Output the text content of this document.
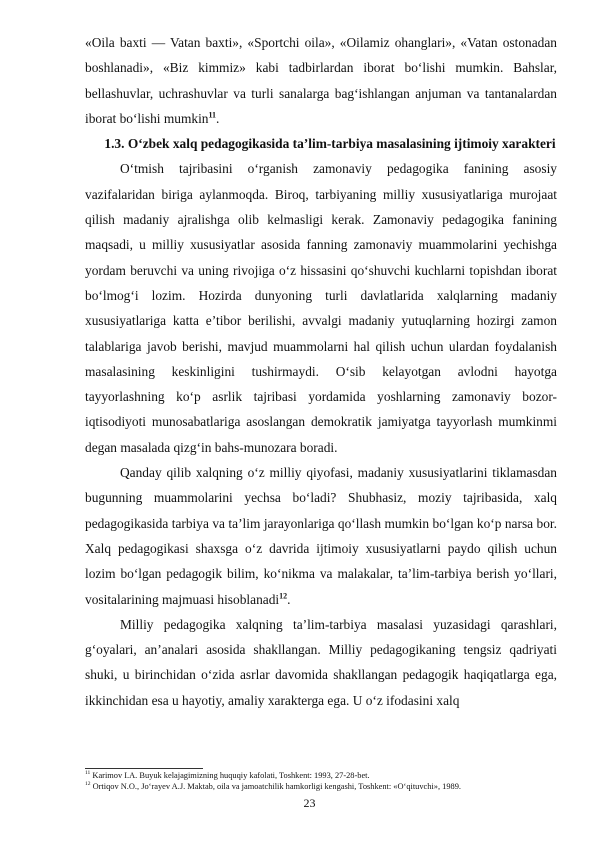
«Oila baxti — Vatan baxti», «Sportchi oila», «Oilamiz ohanglari», «Vatan ostonadan boshlanadi», «Biz kimmiz» kabi tadbirlardan iborat bo‘lishi mumkin. Bahslar, bellashuvlar, uchrashuvlar va turli sanalarga bag‘ishlangan anjuman va tantanalardan iborat bo‘lishi mumkin$^{11}$.

1.3. O‘zbek xalq pedagogikasida ta’lim-tarbiya masalasining ijtimoiy xarakteri

O‘tmish tajribasini o‘rganish zamonaviy pedagogika fanining asosiy vazifalaridan biriga aylanmoqda. Biroq, tarbiyaning milliy xususiyatlariga murojaat qilish madaniy ajralishga olib kelmasligi kerak. Zamonaviy pedagogika fanining maqsadi, u milliy xususiyatlar asosida fanning zamonaviy muammolarini yechishga yordam beruvchi va uning rivojiga o‘z hissasini qo‘shuvchi kuchlarni topishdan iborat bo‘lmog‘i lozim. Hozirda dunyoning turli davlatlarida xalqlarning madaniy xususiyatlariga katta e’tibor berilishi, avvalgi madaniy yutuqlarning hozirgi zamon talablariga javob berishi, mavjud muammolarni hal qilish uchun ulardan foydalanish masalasining keskinligini tushirmaydi. O‘sib kelayotgan avlodni hayotga tayyorlashning ko‘p asrlik tajribasi yordamida yoshlarning zamonaviy bozor-iqtisodiyoti munosabatlariga asoslangan demokratik jamiyatga tayyorlash mumkinmi degan masalada qizg‘in bahs-munozara boradi.

Qanday qilib xalqning o‘z milliy qiyofasi, madaniy xususiyatlarini tiklamasdan bugunning muammolarini yechsa bo‘ladi? Shubhasiz, moziy tajribasida, xalq pedagogikasida tarbiya va ta’lim jarayonlariga qo‘llash mumkin bo‘lgan ko‘p narsa bor. Xalq pedagogikasi shaxsga o‘z davrida ijtimoiy xususiyatlarni paydo qilish uchun lozim bo‘lgan pedagogik bilim, ko‘nikma va malakalar, ta’lim-tarbiya berish yo‘llari, vositalarining majmuasi hisoblanadi$^{12}$.

Milliy pedagogika xalqning ta’lim-tarbiya masalasi yuzasidagi qarashlari, g‘oyalari, an’analari asosida shakllangan. Milliy pedagogikaning tengsiz qadriyati shuki, u birinchidan o‘zida asrlar davomida shakllangan pedagogik haqiqatlarga ega, ikkinchidan esa u hayotiy, amaliy xarakterga ega. U o‘z ifodasini xalq

$^{11}$ Karimov I.A. Buyuk kelajagimizning huquqiy kafolati, Toshkent: 1993, 27-28-bet.
$^{12}$ Ortiqov N.O., Jo‘rayev A.J. Maktab, oila va jamoatchilik hamkorligi kengashi, Toshkent: «O‘qituvchi», 1989.
23
